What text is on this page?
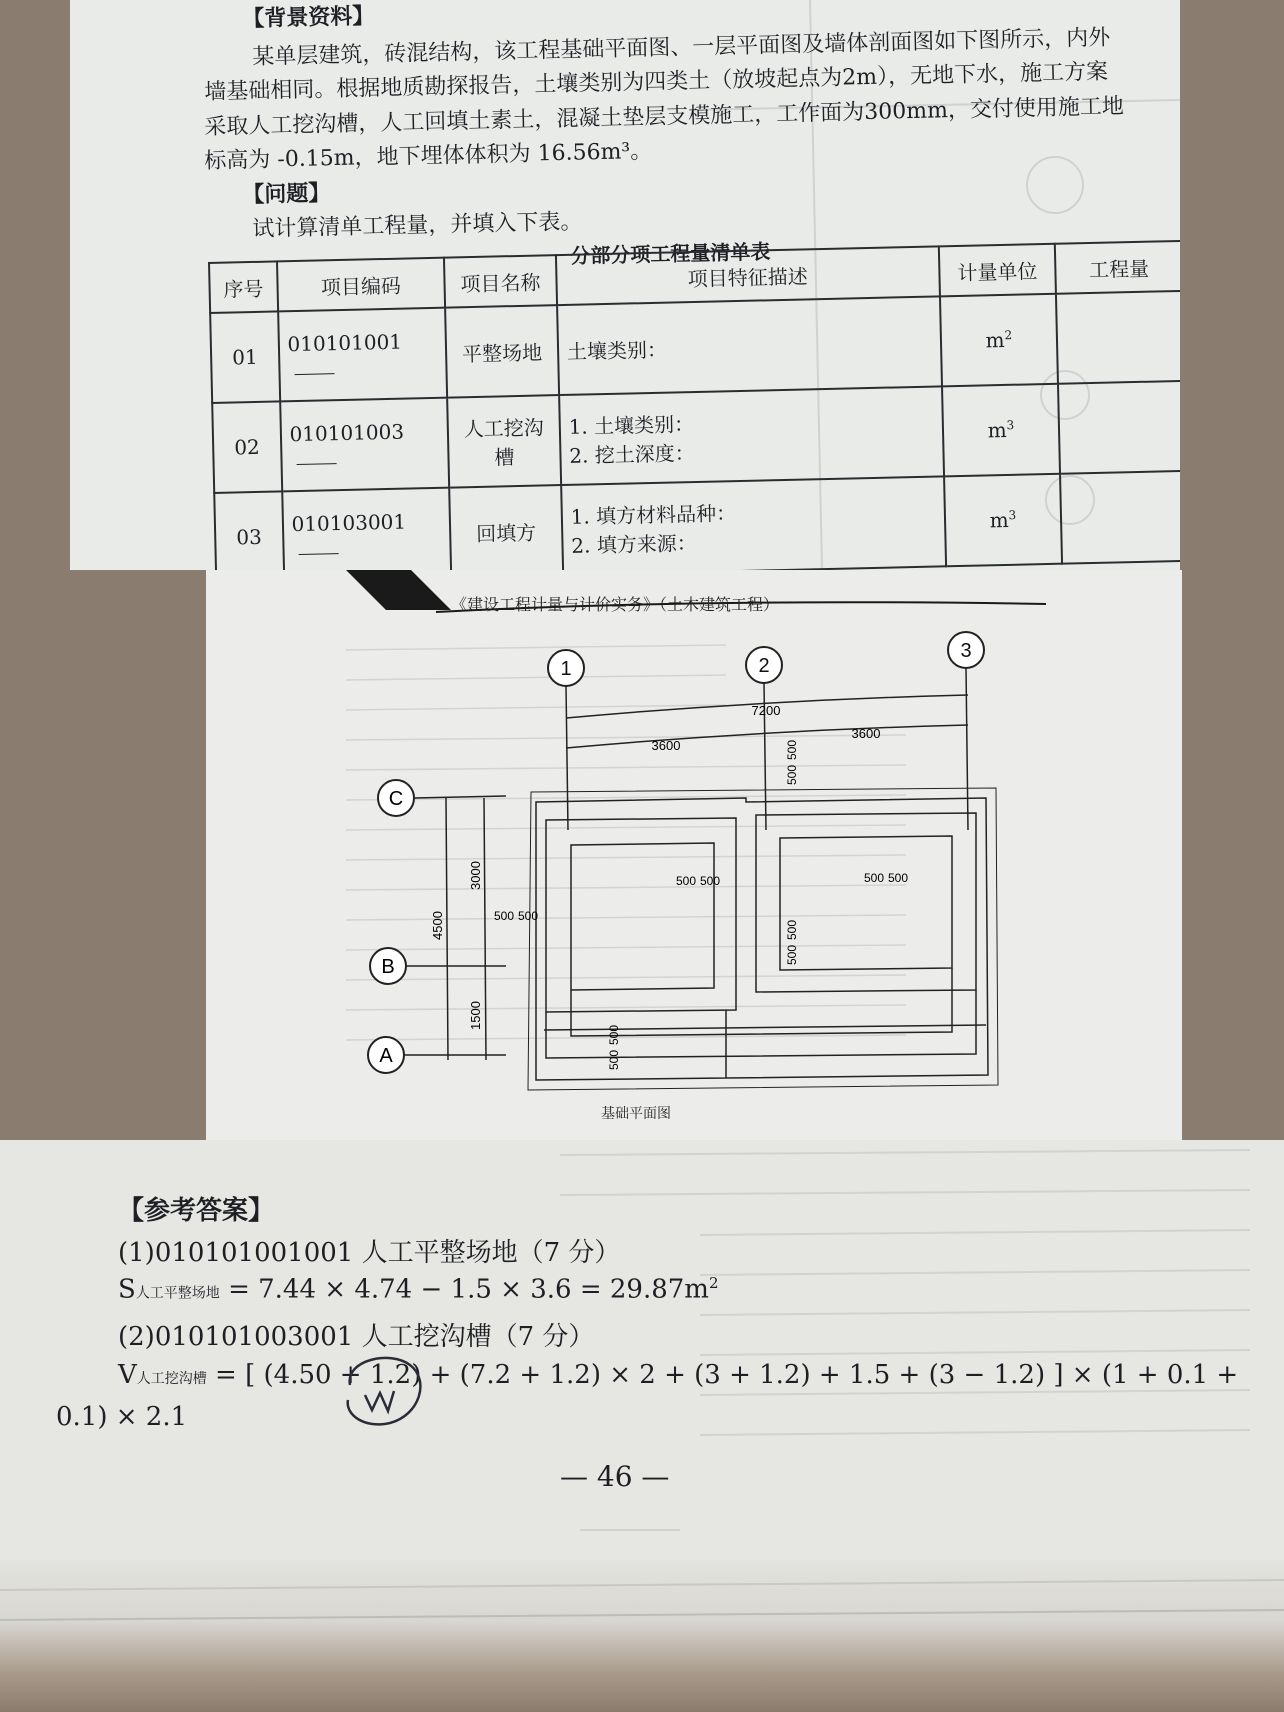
【背景资料】
某单层建筑，砖混结构，该工程基础平面图、一层平面图及墙体剖面图如下图所示，内外
墙基础相同。根据地质勘探报告，土壤类别为四类土（放坡起点为2m），无地下水，施工方案
采取人工挖沟槽，人工回填土素土，混凝土垫层支模施工，工作面为300mm，交付使用施工地
标高为 -0.15m，地下埋体体积为 16.56m³。
【问题】
试计算清单工程量，并填入下表。
分部分项工程量清单表
序号	项目编码	项目名称	项目特征描述	计量单位	工程量
01	010101001	平整场地	土壤类别：	$m^2$	
02	010101003	人工挖沟槽	1. 土壤类别：
2. 挖土深度：	$m^3$	
03	010103001	回填方	1. 填方材料品种：
2. 填方来源：	$m^3$	
《建设工程计量与计价实务》（土木建筑工程）
1	2
3
7200
3600
3600
C
B
A
4500
3000
1500
500 500
500 500	500 500
500
500
500
500
500
500
基础平面图
【参考答案】
(1)010101001001 人工平整场地（7 分）
S人工平整场地 = $7.44 \times 4.74 - 1.5 \times 3.6 = 29.87m^2$
(2)010101003001 人工挖沟槽（7 分）
V人工挖沟槽 = [ (4.50 + 1.2) + (7.2 + 1.2) × 2 + (3 + 1.2) + 1.5 + (3 − 1.2) ] × (1 + 0.1 +
0.1) × 2.1
— 46 —
